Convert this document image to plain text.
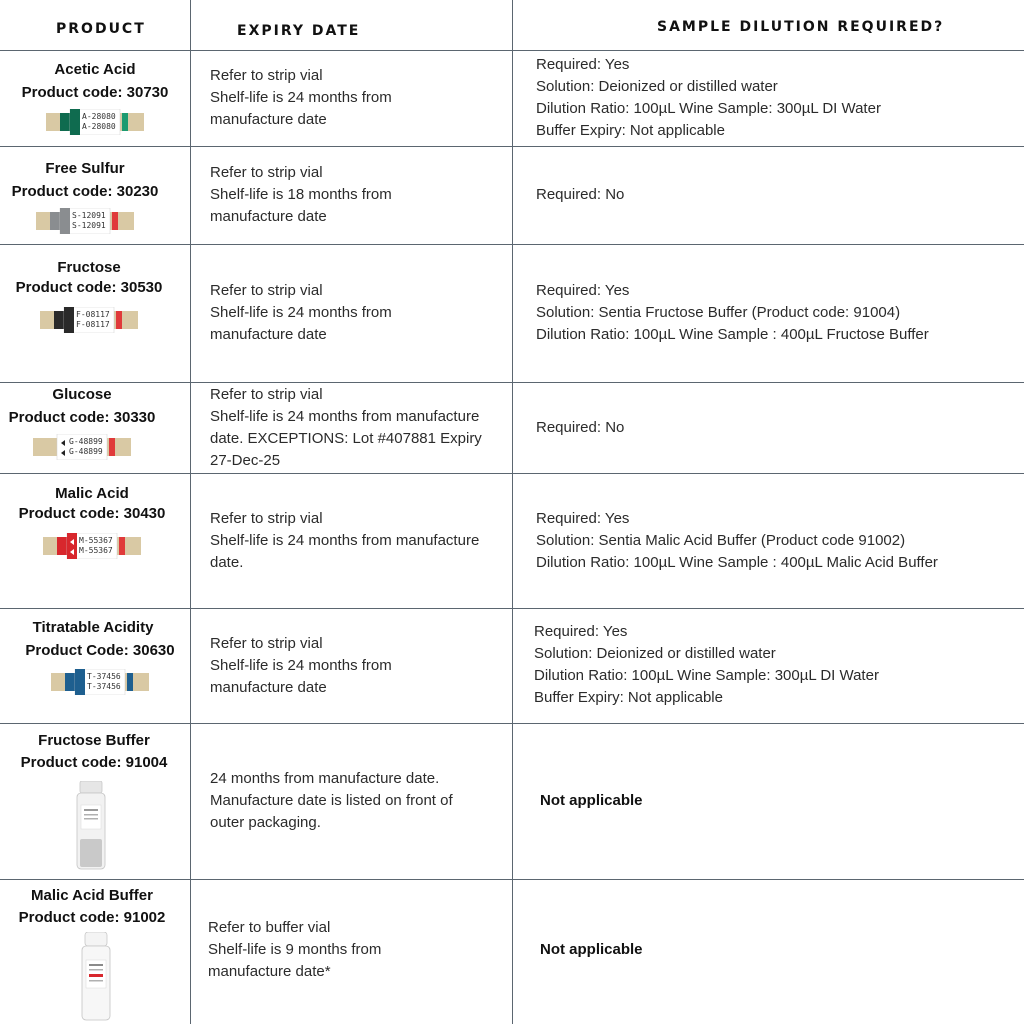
PRODUCT	EXPIRY DATE	SAMPLE DILUTION REQUIRED?
Acetic Acid
Product code: 30730
A-28080
A-28080
Refer to strip vial
Shelf-life is 24 months from
manufacture date
Required: Yes
Solution: Deionized or distilled water
Dilution Ratio: 100µL Wine Sample: 300µL DI Water
Buffer Expiry: Not applicable
Free Sulfur
Product code: 30230
S-12091
S-12091
Refer to strip vial
Shelf-life is 18 months from
manufacture date
Required: No
Fructose
Product code: 30530
F-08117
F-08117
Refer to strip vial
Shelf-life is 24 months from
manufacture date
Required: Yes
Solution: Sentia Fructose Buffer (Product code: 91004)
Dilution Ratio: 100µL Wine Sample : 400µL Fructose Buffer
Glucose
Product code: 30330
G-48899
G-48899
Refer to strip vial
Shelf-life is 24 months from manufacture
date. EXCEPTIONS: Lot #407881 Expiry
27-Dec-25
Required: No
Malic Acid
Product code: 30430
M-55367
M-55367
Refer to strip vial
Shelf-life is 24 months from manufacture
date.
Required: Yes
Solution: Sentia Malic Acid Buffer (Product code 91002)
Dilution Ratio: 100µL Wine Sample : 400µL Malic Acid Buffer
Titratable Acidity
Product Code: 30630
T-37456
T-37456
Refer to strip vial
Shelf-life is 24 months from
manufacture date
Required: Yes
Solution: Deionized or distilled water
Dilution Ratio: 100µL Wine Sample: 300µL DI Water
Buffer Expiry: Not applicable
Fructose Buffer
Product code: 91004
24 months from manufacture date.
Manufacture date is listed on front of
outer packaging.
Not applicable
Malic Acid Buffer
Product code: 91002
Refer to buffer vial
Shelf-life is 9 months from
manufacture date*
Not applicable
